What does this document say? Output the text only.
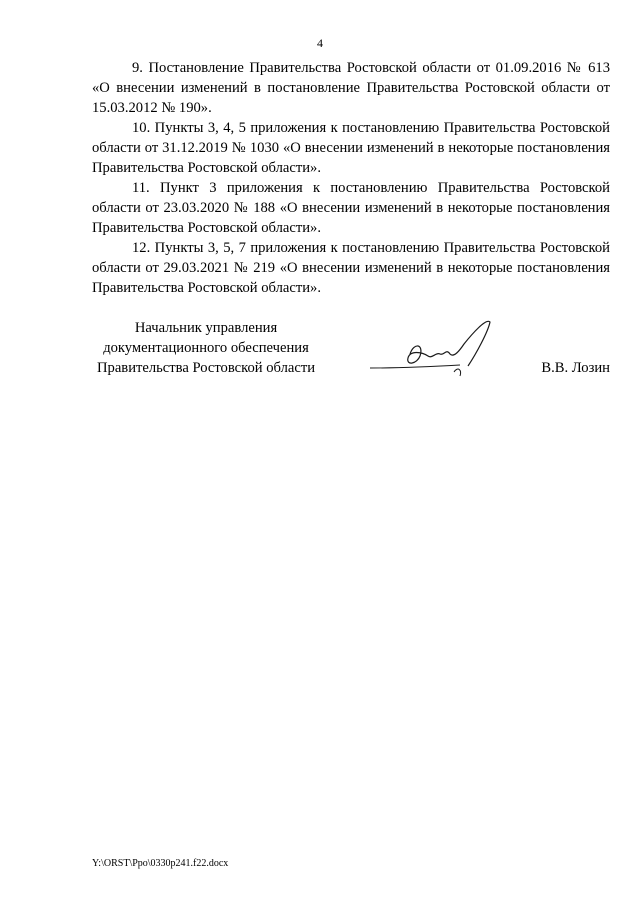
4

9. Постановление Правительства Ростовской области от 01.09.2016 № 613 «О внесении изменений в постановление Правительства Ростовской области от 15.03.2012 № 190».

10. Пункты 3, 4, 5 приложения к постановлению Правительства Ростовской области от 31.12.2019 № 1030 «О внесении изменений в некоторые постановления Правительства Ростовской области».

11. Пункт 3 приложения к постановлению Правительства Ростовской области от 23.03.2020 № 188 «О внесении изменений в некоторые постановления Правительства Ростовской области».

12. Пункты 3, 5, 7 приложения к постановлению Правительства Ростовской области от 29.03.2021 № 219 «О внесении изменений в некоторые постановления Правительства Ростовской области».

Начальник управления
документационного обеспечения
Правительства Ростовской области	В.В. Лозин
Y:\ORST\Ppo\0330p241.f22.docx
